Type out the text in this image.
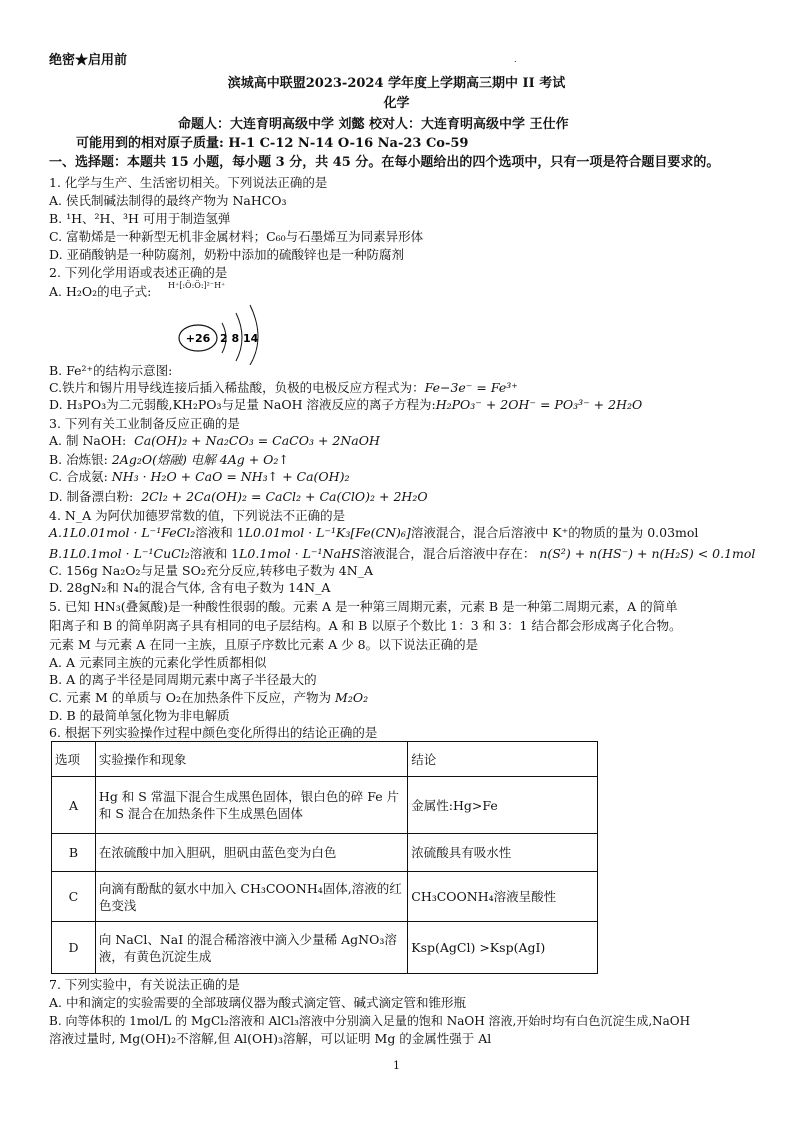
绝密★启用前	.
滨城高中联盟2023-2024 学年度上学期高三期中 II 考试
化学
命题人：大连育明高级中学 刘懿 校对人：大连育明高级中学 王仕作
可能用到的相对原子质量: H-1 C-12 N-14 O-16 Na-23 Co-59
一、选择题：本题共 15 小题，每小题 3 分，共 45 分。在每小题给出的四个选项中，只有一项是符合题目要求的。
1. 化学与生产、生活密切相关。下列说法正确的是
A. 侯氏制碱法制得的最终产物为 NaHCO₃
B. ¹H、²H、³H 可用于制造氢弹
C. 富勒烯是一种新型无机非金属材料；C₆₀与石墨烯互为同素异形体
D. 亚硝酸钠是一种防腐剂，奶粉中添加的硫酸锌也是一种防腐剂
2. 下列化学用语或表述正确的是
A. H₂O₂的电子式: H⁺[:Ö:Ö:]²⁻H⁺
+26 2 8 14
B. Fe²⁺的结构示意图:
C.铁片和锡片用导线连接后插入稀盐酸，负极的电极反应方程式为：Fe−3e⁻ = Fe³⁺
D. H₃PO₃为二元弱酸,KH₂PO₃与足量 NaOH 溶液反应的离子方程为:H₂PO₃⁻ + 2OH⁻ = PO₃³⁻ + 2H₂O
3. 下列有关工业制备反应正确的是
A. 制 NaOH: Ca(OH)₂ + Na₂CO₃ = CaCO₃ + 2NaOH
B. 冶炼银: 2Ag₂O(熔融) 电解 4Ag + O₂↑
C. 合成氨: NH₃ · H₂O + CaO = NH₃↑ + Ca(OH)₂
D. 制备漂白粉: 2Cl₂ + 2Ca(OH)₂ = CaCl₂ + Ca(ClO)₂ + 2H₂O
4. N_A 为阿伏加德罗常数的值，下列说法不正确的是
A.1L0.01mol · L⁻¹FeCl₂溶液和 1L0.01mol · L⁻¹K₃[Fe(CN)₆]溶液混合，混合后溶液中 K⁺的物质的量为 0.03mol
B.1L0.1mol · L⁻¹CuCl₂溶液和 1L0.1mol · L⁻¹NaHS溶液混合，混合后溶液中存在： n(S²) + n(HS⁻) + n(H₂S) < 0.1mol
C. 156g Na₂O₂与足量 SO₂充分反应,转移电子数为 4N_A
D. 28gN₂和 N₄的混合气体, 含有电子数为 14N_A
5. 已知 HN₃(叠氮酸)是一种酸性很弱的酸。元素 A 是一种第三周期元素，元素 B 是一种第二周期元素，A 的简单
阳离子和 B 的简单阴离子具有相同的电子层结构。A 和 B 以原子个数比 1：3 和 3：1 结合都会形成离子化合物。
元素 M 与元素 A 在同一主族，且原子序数比元素 A 少 8。以下说法正确的是
A. A 元素同主族的元素化学性质都相似
B. A 的离子半径是同周期元素中离子半径最大的
C. 元素 M 的单质与 O₂在加热条件下反应，产物为 M₂O₂
D. B 的最简单氢化物为非电解质
6. 根据下列实验操作过程中颜色变化所得出的结论正确的是
选项	实验操作和现象	结论
A	Hg 和 S 常温下混合生成黑色固体，银白色的碎 Fe 片和 S 混合在加热条件下生成黑色固体	金属性:Hg>Fe
B	在浓硫酸中加入胆矾，胆矾由蓝色变为白色	浓硫酸具有吸水性
C	向滴有酚酞的氨水中加入 CH₃COONH₄固体,溶液的红色变浅	CH₃COONH₄溶液呈酸性
D	向 NaCl、NaI 的混合稀溶液中滴入少量稀 AgNO₃溶液，有黄色沉淀生成	Ksp(AgCl) >Ksp(AgI)
7. 下列实验中，有关说法正确的是
A. 中和滴定的实验需要的全部玻璃仪器为酸式滴定管、碱式滴定管和锥形瓶
B. 向等体积的 1mol/L 的 MgCl₂溶液和 AlCl₃溶液中分别滴入足量的饱和 NaOH 溶液,开始时均有白色沉淀生成,NaOH
溶液过量时, Mg(OH)₂不溶解,但 Al(OH)₃溶解，可以证明 Mg 的金属性强于 Al
1
